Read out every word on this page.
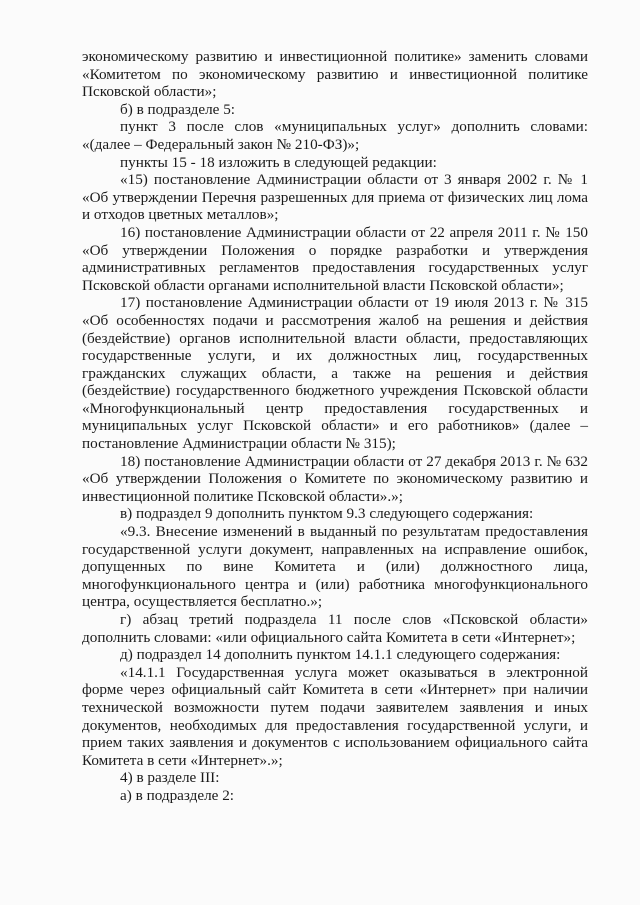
экономическому развитию и инвестиционной политике» заменить словами «Комитетом по экономическому развитию и инвестиционной политике Псковской области»;

б) в подразделе 5:

пункт 3 после слов «муниципальных услуг» дополнить словами: «(далее – Федеральный закон № 210-ФЗ)»;

пункты 15 - 18 изложить в следующей редакции:

«15) постановление Администрации области от 3 января 2002 г. № 1 «Об утверждении Перечня разрешенных для приема от физических лиц лома и отходов цветных металлов»;

16) постановление Администрации области от 22 апреля 2011 г. № 150 «Об утверждении Положения о порядке разработки и утверждения административных регламентов предоставления государственных услуг Псковской области органами исполнительной власти Псковской области»;

17) постановление Администрации области от 19 июля 2013 г. № 315 «Об особенностях подачи и рассмотрения жалоб на решения и действия (бездействие) органов исполнительной власти области, предоставляющих государственные услуги, и их должностных лиц, государственных гражданских служащих области, а также на решения и действия (бездействие) государственного бюджетного учреждения Псковской области «Многофункциональный центр предоставления государственных и муниципальных услуг Псковской области» и его работников» (далее – постановление Администрации области № 315);

18) постановление Администрации области от 27 декабря 2013 г. № 632 «Об утверждении Положения о Комитете по экономическому развитию и инвестиционной политике Псковской области».»;

в) подраздел 9 дополнить пунктом 9.3 следующего содержания:

«9.3. Внесение изменений в выданный по результатам предоставления государственной услуги документ, направленных на исправление ошибок, допущенных по вине Комитета и (или) должностного лица, многофункционального центра и (или) работника многофункционального центра, осуществляется бесплатно.»;

г) абзац третий подраздела 11 после слов «Псковской области» дополнить словами: «или официального сайта Комитета в сети «Интернет»;

д) подраздел 14 дополнить пунктом 14.1.1 следующего содержания:

«14.1.1 Государственная услуга может оказываться в электронной форме через официальный сайт Комитета в сети «Интернет» при наличии технической возможности путем подачи заявителем заявления и иных документов, необходимых для предоставления государственной услуги, и прием таких заявления и документов с использованием официального сайта Комитета в сети «Интернет».»;

4) в разделе III:

а) в подразделе 2:
